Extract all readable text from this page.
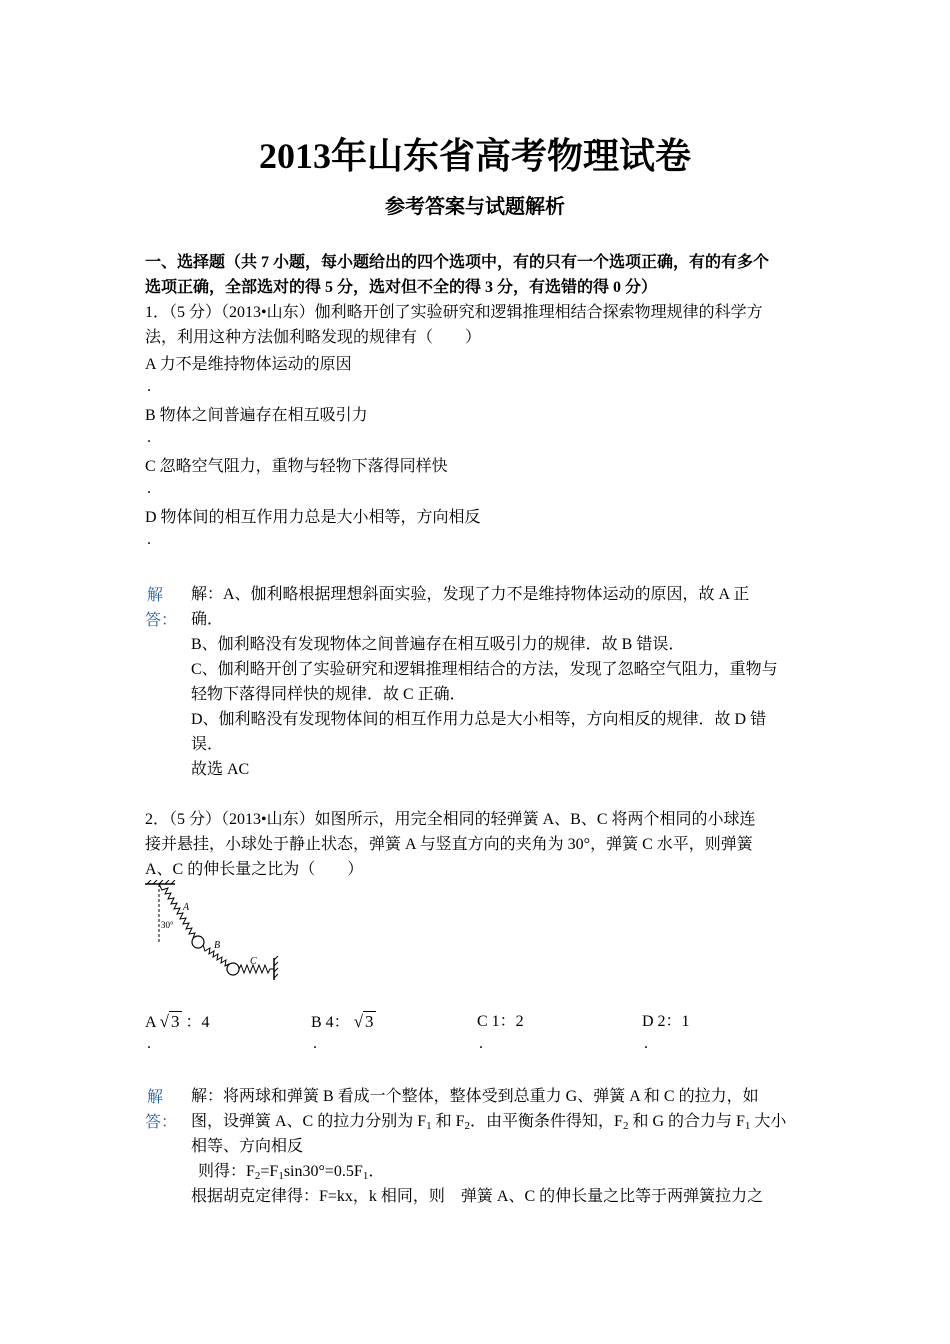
2013年山东省高考物理试卷
参考答案与试题解析
一、选择题（共 7 小题，每小题给出的四个选项中，有的只有一个选项正确，有的有多个
选项正确，全部选对的得 5 分，选对但不全的得 3 分，有选错的得 0 分）
1．（5 分）（2013•山东）伽利略开创了实验研究和逻辑推理相结合探索物理规律的科学方
法，利用这种方法伽利略发现的规律有（　　）
A 力不是维持物体运动的原因
.
B 物体之间普遍存在相互吸引力
.
C 忽略空气阻力，重物与轻物下落得同样快
.
D 物体间的相互作用力总是大小相等，方向相反
.
解
答：
解：A、伽利略根据理想斜面实验，发现了力不是维持物体运动的原因，故 A 正
确．
B、伽利略没有发现物体之间普遍存在相互吸引力的规律．故 B 错误．
C、伽利略开创了实验研究和逻辑推理相结合的方法，发现了忽略空气阻力，重物与
轻物下落得同样快的规律．故 C 正确．
D、伽利略没有发现物体间的相互作用力总是大小相等，方向相反的规律．故 D 错
误．
故选 AC
2．（5 分）（2013•山东）如图所示，用完全相同的轻弹簧 A、B、C 将两个相同的小球连
接并悬挂，小球处于静止状态，弹簧 A 与竖直方向的夹角为 30°，弹簧 C 水平，则弹簧
A、C 的伸长量之比为（　　）
A
B
C
30°
A √ 3 ：4	B 4： √ 3	C 1：2	D 2：1
.	.	.	.
解
答：
解：将两球和弹簧 B 看成一个整体，整体受到总重力 G、弹簧 A 和 C 的拉力，如
图，设弹簧 A、C 的拉力分别为 $F_1$ 和 $F_2$．由平衡条件得知，$F_2$ 和 G 的合力与 $F_1$ 大小
相等、方向相反
则得：$F_2=F_1\sin 30^\circ=0.5F_1$．
根据胡克定律得：F=kx，k 相同，则　弹簧 A、C 的伸长量之比等于两弹簧拉力之
